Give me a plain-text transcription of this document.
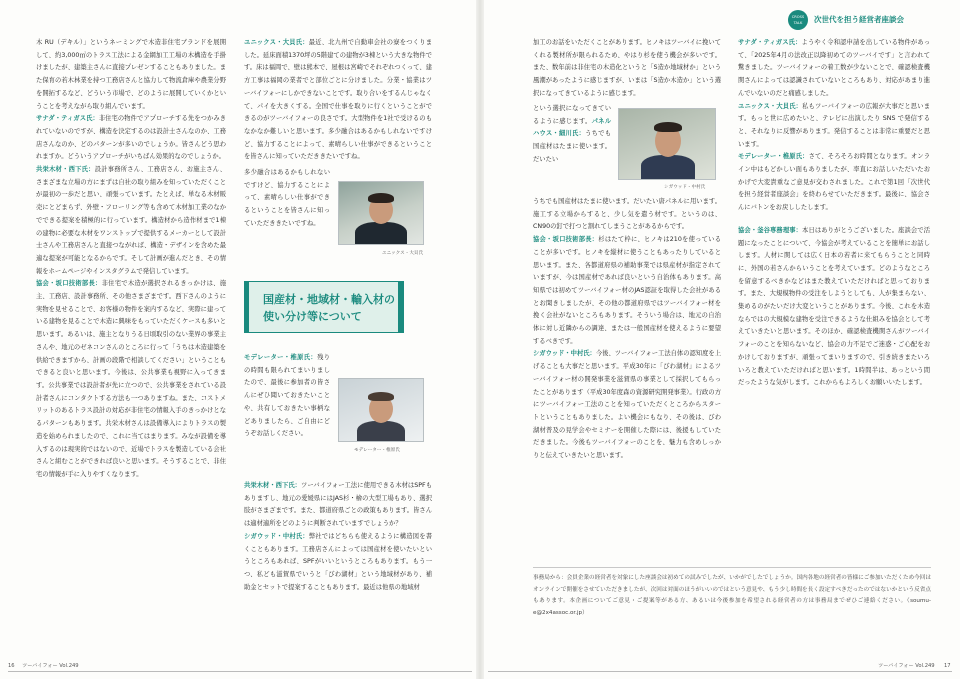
CROSS
TALK	次世代を担う経営者座談会

木 RU（デキル）」というネーミングで木造非住宅ブランドを展開して、約3,000㎡のトラス工法による金網加工工場の木構造を手掛けましたが、建築主さんに直接プレゼンすることもありました。また保育の若木林業を持つ工務店さんと協力して物流倉庫や農業分野を開拓するなど、どういう市場で、どのように展開していくかということを考えながら取り組んでいます。

サナダ・ティガス氏：非住宅の物件でアプローチする先をつかみきれていないのですが、構造を決定するのは設計士さんなのか、工務店さんなのか、どのパターンが多いのでしょうか。皆さんどう思われますか。どういうアプローチがいちばん効果的なのでしょうか。

共栄木材・西下氏：設計事務所さん、工務店さん、お施主さん、さまざまな立場の方にまずは自社の取り組みを知っていただくことが最初の一歩だと思い、頑張っています。たとえば、単なる木材販売にとどまらず、外壁・フローリング等も含めて木材加工業のなかでできる提案を積極的に行っています。構造材から造作材まで1棟の建物に必要な木材をワンストップで提供するメーカーとして設計士さんや工務店さんと直接つながれば、構造・デザインを含めた最適な提案が可能となるからです。そして計画が進んだとき、その情報をホームページやインスタグラムで発信しています。

協会・坂口技術部長：非住宅で木造が選択されるきっかけは、施主、工務店、設計事務所、その他さまざまです。西下さんのように実物を見せることで、お客様の物件を案内するなど、実際に建っている建物を見ることで木造に興味をもっていただくケースも多いと思います。あるいは、施主となりうる日頃取引のない業界の事業主さんや、地元のゼネコンさんのところに行って「うちは木造建築を供給できますから、計画の段階で相談してください」ということもできると良いと思います。今後は、公共事業も視野に入ってきます。公共事業では設計者が先に立つので、公共事業をされている設計者さんにコンタクトする方法も一つありますね。また、コストメリットのあるトラス設計の対応が非住宅の情報入手のきっかけとなるパターンもあります。共栄木材さんは設備導入によりトラスの製造を始められましたので、これに当てはまります。みなが設備を導入するのは現実的ではないので、近場でトラスを製造している会社さんと組むことができれば良いと思います。そうすることで、非住宅の情報が手に入りやすくなります。

ユニックス・大貝氏：最近、北九州で自動車会社の寮をつくりました。延床面積1370坪の5階建ての建物が3棟という大きな物件です。床は福岡で、壁は熊本で、屋根は宮崎でそれぞれつくって、建方工事は福岡の業者でと部位ごとに分けました。分業・協業はツーバイフォーにしかできないことです。取り合いをするんじゃなくて、パイを大きくする。全国で仕事を取りに行くということができるのがツーバイフォーの良さです。大型物件を1社で受けるのもなかなか難しいと思います。多少融合はあるかもしれないですけど、協力することによって、素晴らしい仕事ができるということを皆さんに知っていただききたいですね。

多少融合はあるかもしれないですけど、協力することによって、素晴らしい仕事ができるということを皆さんに知っていただききたいですね。

ユニックス・大貝氏
国産材・地域材・輸入材の
使い分け等について

モデレーター・椎原氏：残りの時間も限られてまいりましたので、最後に参加者の皆さんにぜひ聞いておきたいことや、共有しておきたい事柄などありましたら、ご自由にどうぞお話しください。

モデレーター・椎原氏

共栄木材・西下氏：ツーバイフォー工法に使用できる木材はSPFもありますし、地元の愛媛県にはJAS杉・檜の大型工場もあり、選択肢がさまざまです。また、都道府県ごとの政策もあります。皆さんは適材適所をどのように判断されていますでしょうか？

シガウッド・中村氏：弊社ではどちらも使えるように構造図を書くこともあります。工務店さんによっては国産材を使いたいというところもあれば、SPFがいいというところもあります。もう一つ、私ども滋賀県でいうと「びわ湖材」という地域材があり、補助金とセットで提案することもあります。最近は他県の地域材

加工のお話をいただくことがあります。ヒノキはツーバイに挽いてくれる製材所が限られるため、やはり杉を使う機会が多いです。また、数年前は非住宅の木造化というと「S造か地域材か」という風潮があったように感じますが、いまは「S造か木造か」という選択になってきているように感じます。

という選択になってきているように感じます。パネルハウス・細川氏：うちでも国産材はたまに使います。だいたい

シガウッド・中村氏

うちでも国産材はたまに使います。だいたい唐パネルに用います。施工する立場からすると、少し気を遣う材です。というのは、CN90の釘で打つと割れてしまうことがあるからです。

協会・坂口技術部長：杉はたて枠に、ヒノキは210を使っていることが多いです。ヒノキを縦材に使うこともあったりしていると思います。また、各都道府県の補助事業では県産材が指定されていますが、今は国産材であれば良いという自治体もあります。高知県では初めてツーバイフォー材のJAS認証を取得した会社があるとお聞きしましたが、その他の都道府県ではツーバイフォー材を挽く会社がないところもあります。そういう場合は、地元の自治体に対し近隣からの調達、または一般国産材を使えるように要望するべきです。

シガウッド・中村氏：今後、ツーバイフォー工法自体の認知度を上げることも大事だと思います。平成30年に「びわ湖材」によるツーバイフォー材の開発事業を滋賀県の事業として採択してもらったことがあります（平成30年度森の資源研究開発事業）。行政の方にツーバイフォー工法のことを知っていただくところからスタートということもありました。よい機会にもなり、その後は、びわ湖材普及の見学会やセミナーを開催した際には、後援もしていただきました。今後もツーバイフォーのことを、魅力も含めしっかりと伝えていきたいと思います。

サナダ・ティガス氏：ようやく令和認申請を出している物件があって、「2025年4月の法改正以降初めてのツーバイです」と言われて驚きました。ツーバイフォーの着工数が少ないことで、確認検査機関さんによっては認識されていないところもあり、対応があまり進んでいないのだと痛感しました。

ユニックス・大貝氏：私もツーバイフォーの広報が大事だと思います。もっと世に広めたいと、テレビに出演したり SNS で発信すると、それなりに反響があります。発信することは非常に重要だと思います。

モデレーター・椎原氏：さて、そろそろお時間となります。オンライン中はもどかしい面もありましたが、率直にお話しいただいたおかげで大変貴重なご意見が交わされました。これで第1回「次世代を担う経営者座談会」を終わらせていただきます。最後に、協会さんにバトンをお戻ししたします。

協会・釜谷専務理事：本日はありがとうございました。座談会で活題になったことについて、今協会が考えていることを簡単にお話しします。人材に関しては広く日本の若者に来てもらうことと同時に、外国の若さんからいうことを考えています。どのようなところを留意するべきかなどはまた教えていただければと思っております。また、大規模物件の受注をしようとしても、人が集まらない、集めるのがたいだけ大変ということがあります。今後、これを木造ならではの大規模な建物を受注できるような仕組みを協会として考えていきたいと思います。そのほか、確認検査機関さんがツーバイフォーのことを知らないなど、協会の力不足でご迷惑・ご心配をおかけしておりますが、頑張ってまいりますので、引き続きまたいろいろと教えていただければと思います。1時間半は、あっという間だったような気がします。これからもよろしくお願いいたします。

事務局から：会員企業の経営者を対象にした座談会は初めての試みでしたが、いかがでしたでしょうか。国内各地の経営者の皆様にご参加いただくため今回はオンラインで開催をさせていただきましたが、次回は対面のほうがいいのではという意見や、もう少し時間を長く設定すべきだったのではないかという反省点もあります。本企画についてご意見・ご提案等がある方、あるいは今後参加を希望される経営者の方は事務局までぜひご連絡ください。（soumu-e@2x4assoc.or.jp）
16 ツーバイフォー Vol.249	ツーバイフォー Vol.249 17
